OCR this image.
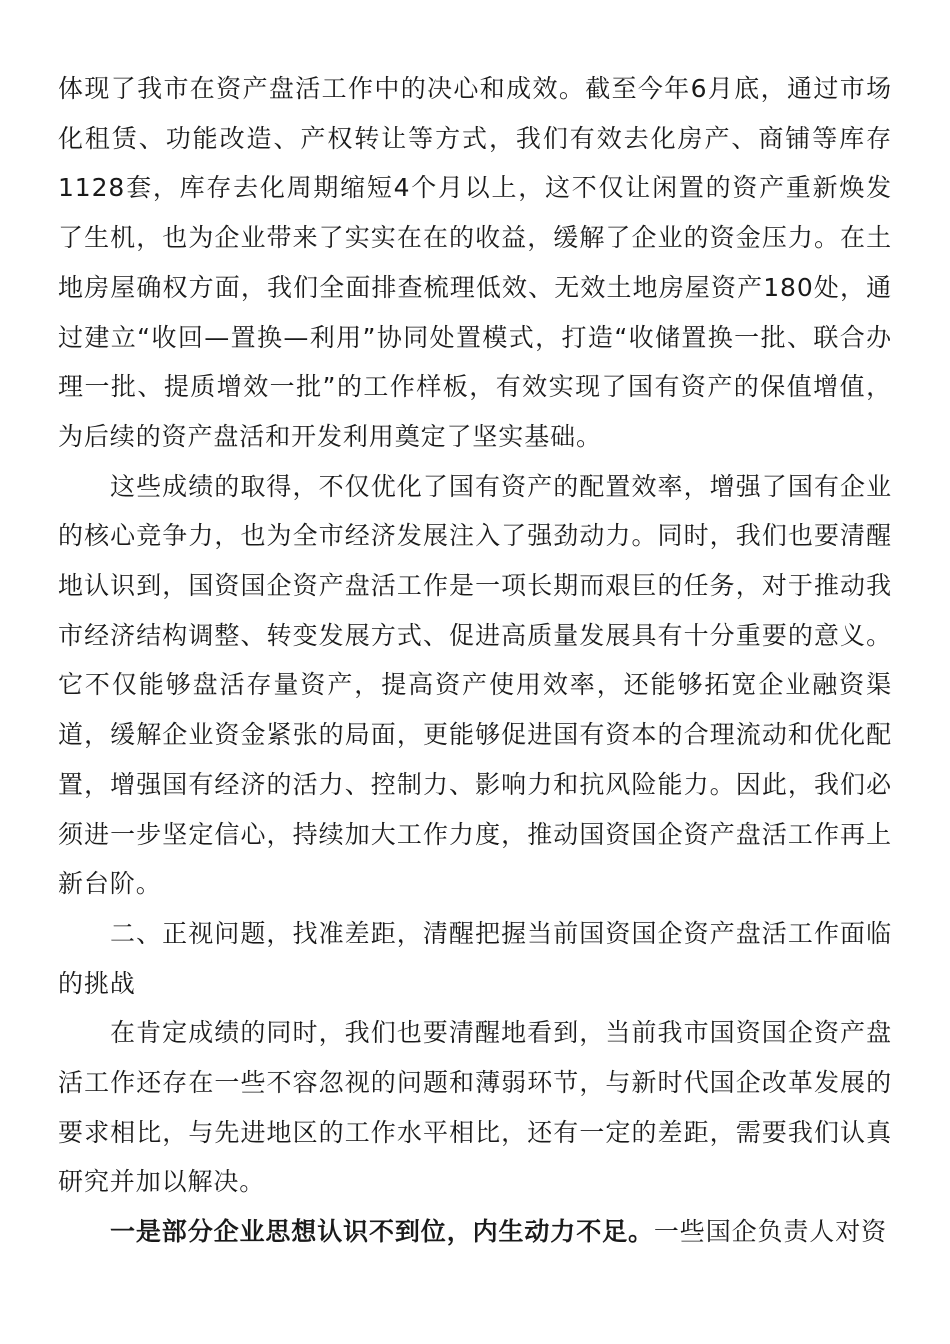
体现了我市在资产盘活工作中的决心和成效。截至今年6月底，通过市场化租赁、功能改造、产权转让等方式，我们有效去化房产、商铺等库存1128套，库存去化周期缩短4个月以上，这不仅让闲置的资产重新焕发了生机，也为企业带来了实实在在的收益，缓解了企业的资金压力。在土地房屋确权方面，我们全面排查梳理低效、无效土地房屋资产180处，通过建立“收回—置换—利用”协同处置模式，打造“收储置换一批、联合办理一批、提质增效一批”的工作样板，有效实现了国有资产的保值增值，为后续的资产盘活和开发利用奠定了坚实基础。

这些成绩的取得，不仅优化了国有资产的配置效率，增强了国有企业的核心竞争力，也为全市经济发展注入了强劲动力。同时，我们也要清醒地认识到，国资国企资产盘活工作是一项长期而艰巨的任务，对于推动我市经济结构调整、转变发展方式、促进高质量发展具有十分重要的意义。它不仅能够盘活存量资产，提高资产使用效率，还能够拓宽企业融资渠道，缓解企业资金紧张的局面，更能够促进国有资本的合理流动和优化配置，增强国有经济的活力、控制力、影响力和抗风险能力。因此，我们必须进一步坚定信心，持续加大工作力度，推动国资国企资产盘活工作再上新台阶。

二、正视问题，找准差距，清醒把握当前国资国企资产盘活工作面临的挑战

在肯定成绩的同时，我们也要清醒地看到，当前我市国资国企资产盘活工作还存在一些不容忽视的问题和薄弱环节，与新时代国企改革发展的要求相比，与先进地区的工作水平相比，还有一定的差距，需要我们认真研究并加以解决。

一是部分企业思想认识不到位，内生动力不足。一些国企负责人对资
